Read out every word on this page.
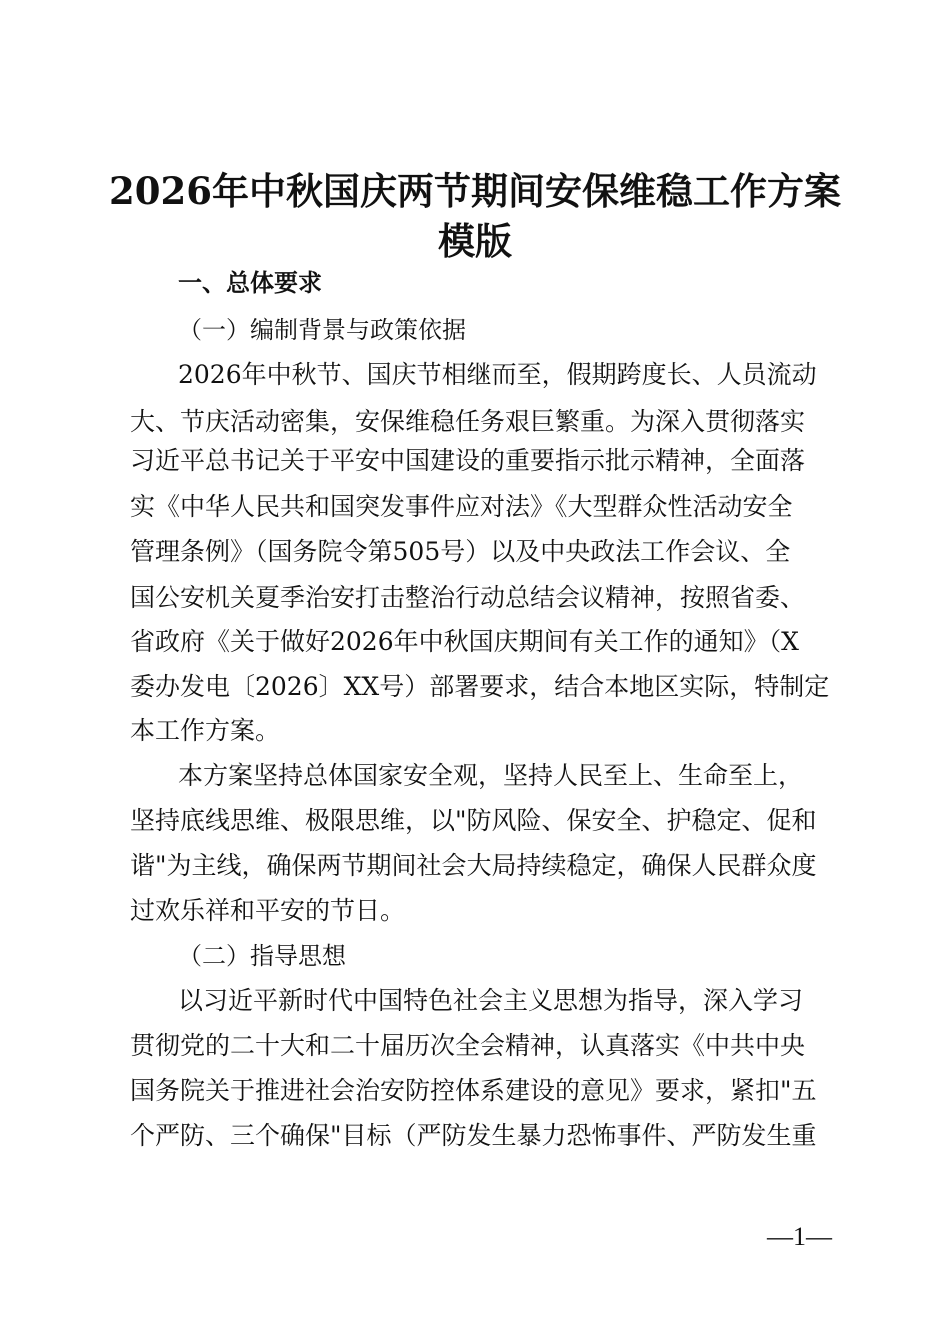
2026年中秋国庆两节期间安保维稳工作方案
模版
一、总体要求
（一）编制背景与政策依据
2026年中秋节、国庆节相继而至，假期跨度长、人员流动
大、节庆活动密集，安保维稳任务艰巨繁重。为深入贯彻落实
习近平总书记关于平安中国建设的重要指示批示精神，全面落
实《中华人民共和国突发事件应对法》《大型群众性活动安全
管理条例》（国务院令第505号）以及中央政法工作会议、全
国公安机关夏季治安打击整治行动总结会议精神，按照省委、
省政府《关于做好2026年中秋国庆期间有关工作的通知》（X
委办发电〔2026〕XX号）部署要求，结合本地区实际，特制定
本工作方案。
本方案坚持总体国家安全观，坚持人民至上、生命至上，
坚持底线思维、极限思维，以"防风险、保安全、护稳定、促和
谐"为主线，确保两节期间社会大局持续稳定，确保人民群众度
过欢乐祥和平安的节日。
（二）指导思想
以习近平新时代中国特色社会主义思想为指导，深入学习
贯彻党的二十大和二十届历次全会精神，认真落实《中共中央
国务院关于推进社会治安防控体系建设的意见》要求，紧扣"五
个严防、三个确保"目标（严防发生暴力恐怖事件、严防发生重
—1—
